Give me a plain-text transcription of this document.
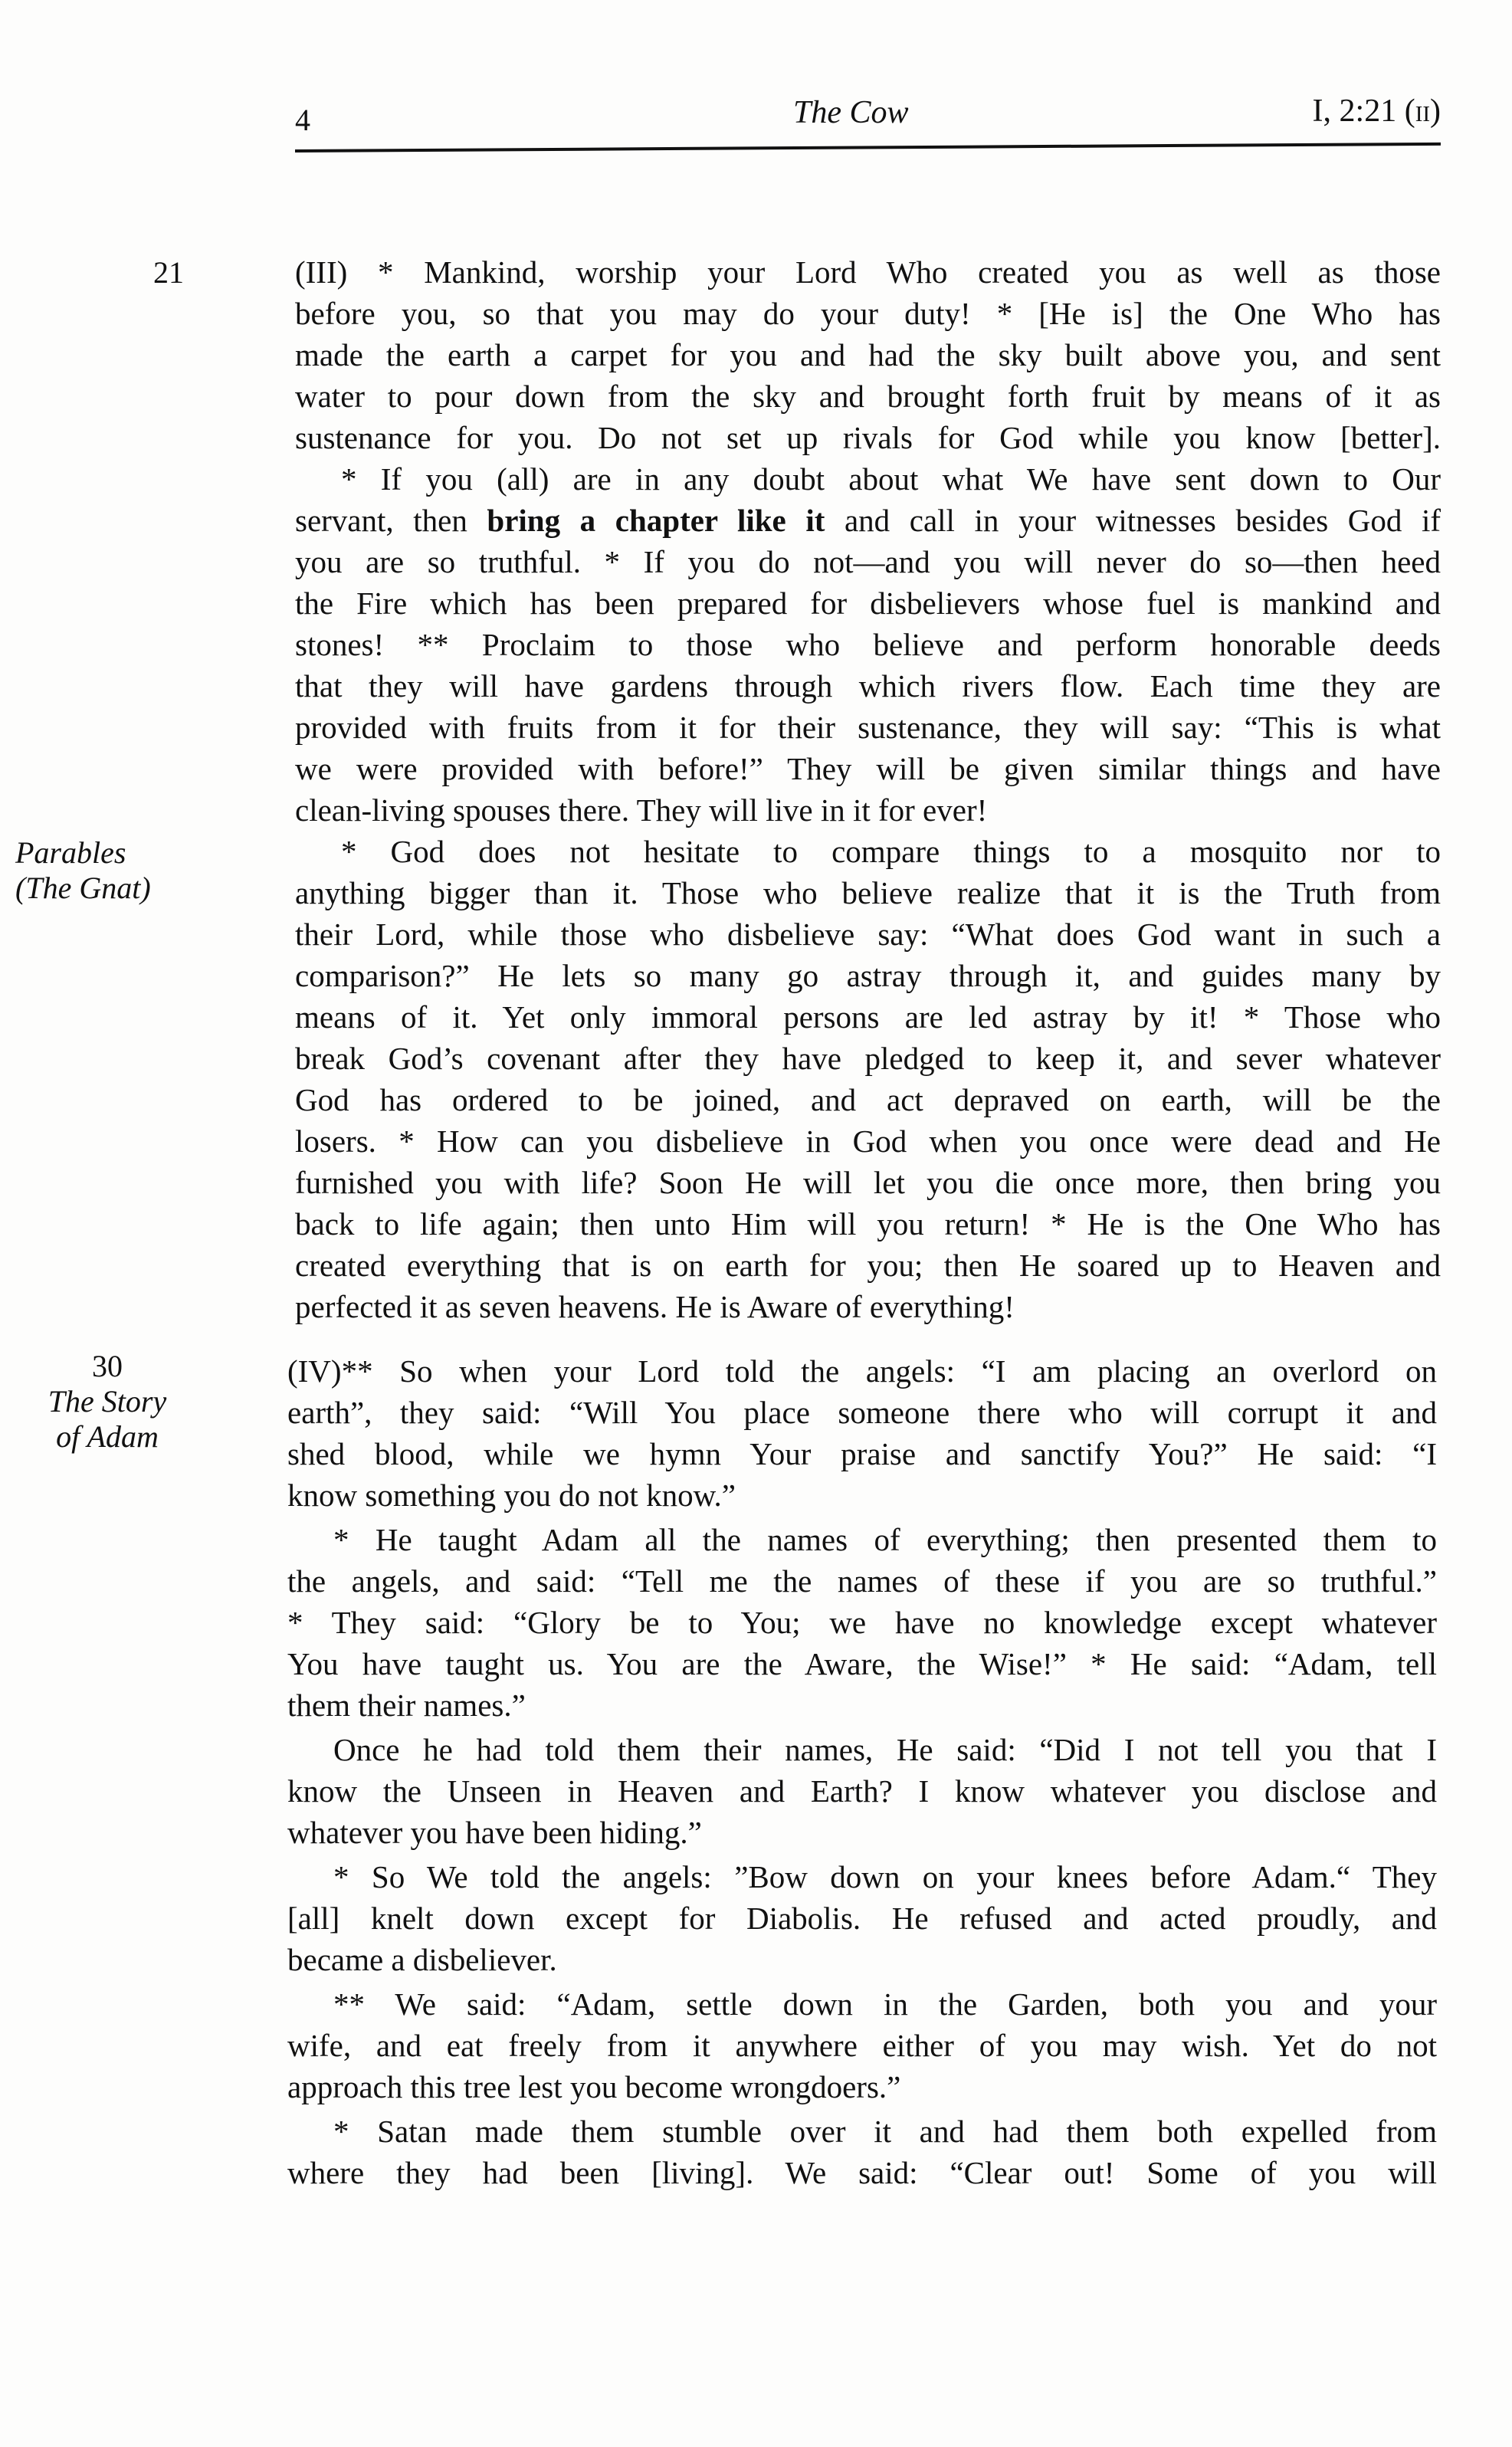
4	The Cow	I, 2:21 (ii)
21
Parables
(The Gnat)
30
The Story
of Adam
(III) * Mankind, worship your Lord Who created you as well as those
before you, so that you may do your duty! * [He is] the One Who has
made the earth a carpet for you and had the sky built above you, and sent
water to pour down from the sky and brought forth fruit by means of it as
sustenance for you. Do not set up rivals for God while you know [better].
* If you (all) are in any doubt about what We have sent down to Our
servant, then bring a chapter like it and call in your witnesses besides God if
you are so truthful. * If you do not—and you will never do so—then heed
the Fire which has been prepared for disbelievers whose fuel is mankind and
stones! ** Proclaim to those who believe and perform honorable deeds
that they will have gardens through which rivers flow. Each time they are
provided with fruits from it for their sustenance, they will say: “This is what
we were provided with before!” They will be given similar things and have
clean-living spouses there. They will live in it for ever!
* God does not hesitate to compare things to a mosquito nor to
anything bigger than it. Those who believe realize that it is the Truth from
their Lord, while those who disbelieve say: “What does God want in such a
comparison?” He lets so many go astray through it, and guides many by
means of it. Yet only immoral persons are led astray by it! * Those who
break God’s covenant after they have pledged to keep it, and sever whatever
God has ordered to be joined, and act depraved on earth, will be the
losers. * How can you disbelieve in God when you once were dead and He
furnished you with life? Soon He will let you die once more, then bring you
back to life again; then unto Him will you return! * He is the One Who has
created everything that is on earth for you; then He soared up to Heaven and
perfected it as seven heavens. He is Aware of everything!
(IV)** So when your Lord told the angels: “I am placing an overlord on
earth”, they said: “Will You place someone there who will corrupt it and
shed blood, while we hymn Your praise and sanctify You?” He said: “I
know something you do not know.”
* He taught Adam all the names of everything; then presented them to
the angels, and said: “Tell me the names of these if you are so truthful.”
* They said: “Glory be to You; we have no knowledge except whatever
You have taught us. You are the Aware, the Wise!” * He said: “Adam, tell
them their names.”
Once he had told them their names, He said: “Did I not tell you that I
know the Unseen in Heaven and Earth? I know whatever you disclose and
whatever you have been hiding.”
* So We told the angels: ”Bow down on your knees before Adam.“ They
[all] knelt down except for Diabolis. He refused and acted proudly, and
became a disbeliever.
** We said: “Adam, settle down in the Garden, both you and your
wife, and eat freely from it anywhere either of you may wish. Yet do not
approach this tree lest you become wrongdoers.”
* Satan made them stumble over it and had them both expelled from
where they had been [living]. We said: “Clear out! Some of you will
